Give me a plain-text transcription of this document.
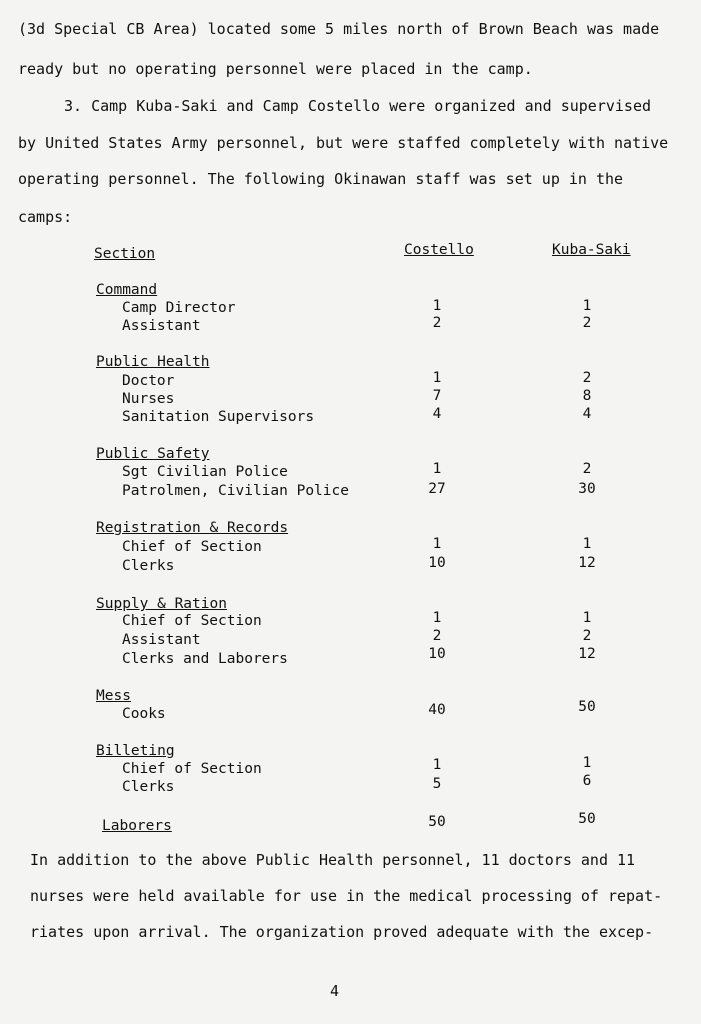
(3d Special CB Area) located some 5 miles north of Brown Beach was made
ready but no operating personnel were placed in the camp.
3. Camp Kuba-Saki and Camp Costello were organized and supervised
by United States Army personnel, but were staffed completely with native
operating personnel. The following Okinawan staff was set up in the
camps:
Section	Costello	Kuba-Saki
Command
Camp Director	1	1
Assistant	2	2
Public Health
Doctor	1	2
Nurses	7	8
Sanitation Supervisors	4	4
Public Safety
Sgt Civilian Police	1	2
Patrolmen, Civilian Police	27	30
Registration & Records
Chief of Section	1	1
Clerks	10	12
Supply & Ration
Chief of Section	1	1
Assistant	2	2
Clerks and Laborers	10	12
Mess
Cooks	40	50
Billeting
Chief of Section	1	1
Clerks	5	6
Laborers	50	50
In addition to the above Public Health personnel, 11 doctors and 11
nurses were held available for use in the medical processing of repat-
riates upon arrival. The organization proved adequate with the excep-
4
